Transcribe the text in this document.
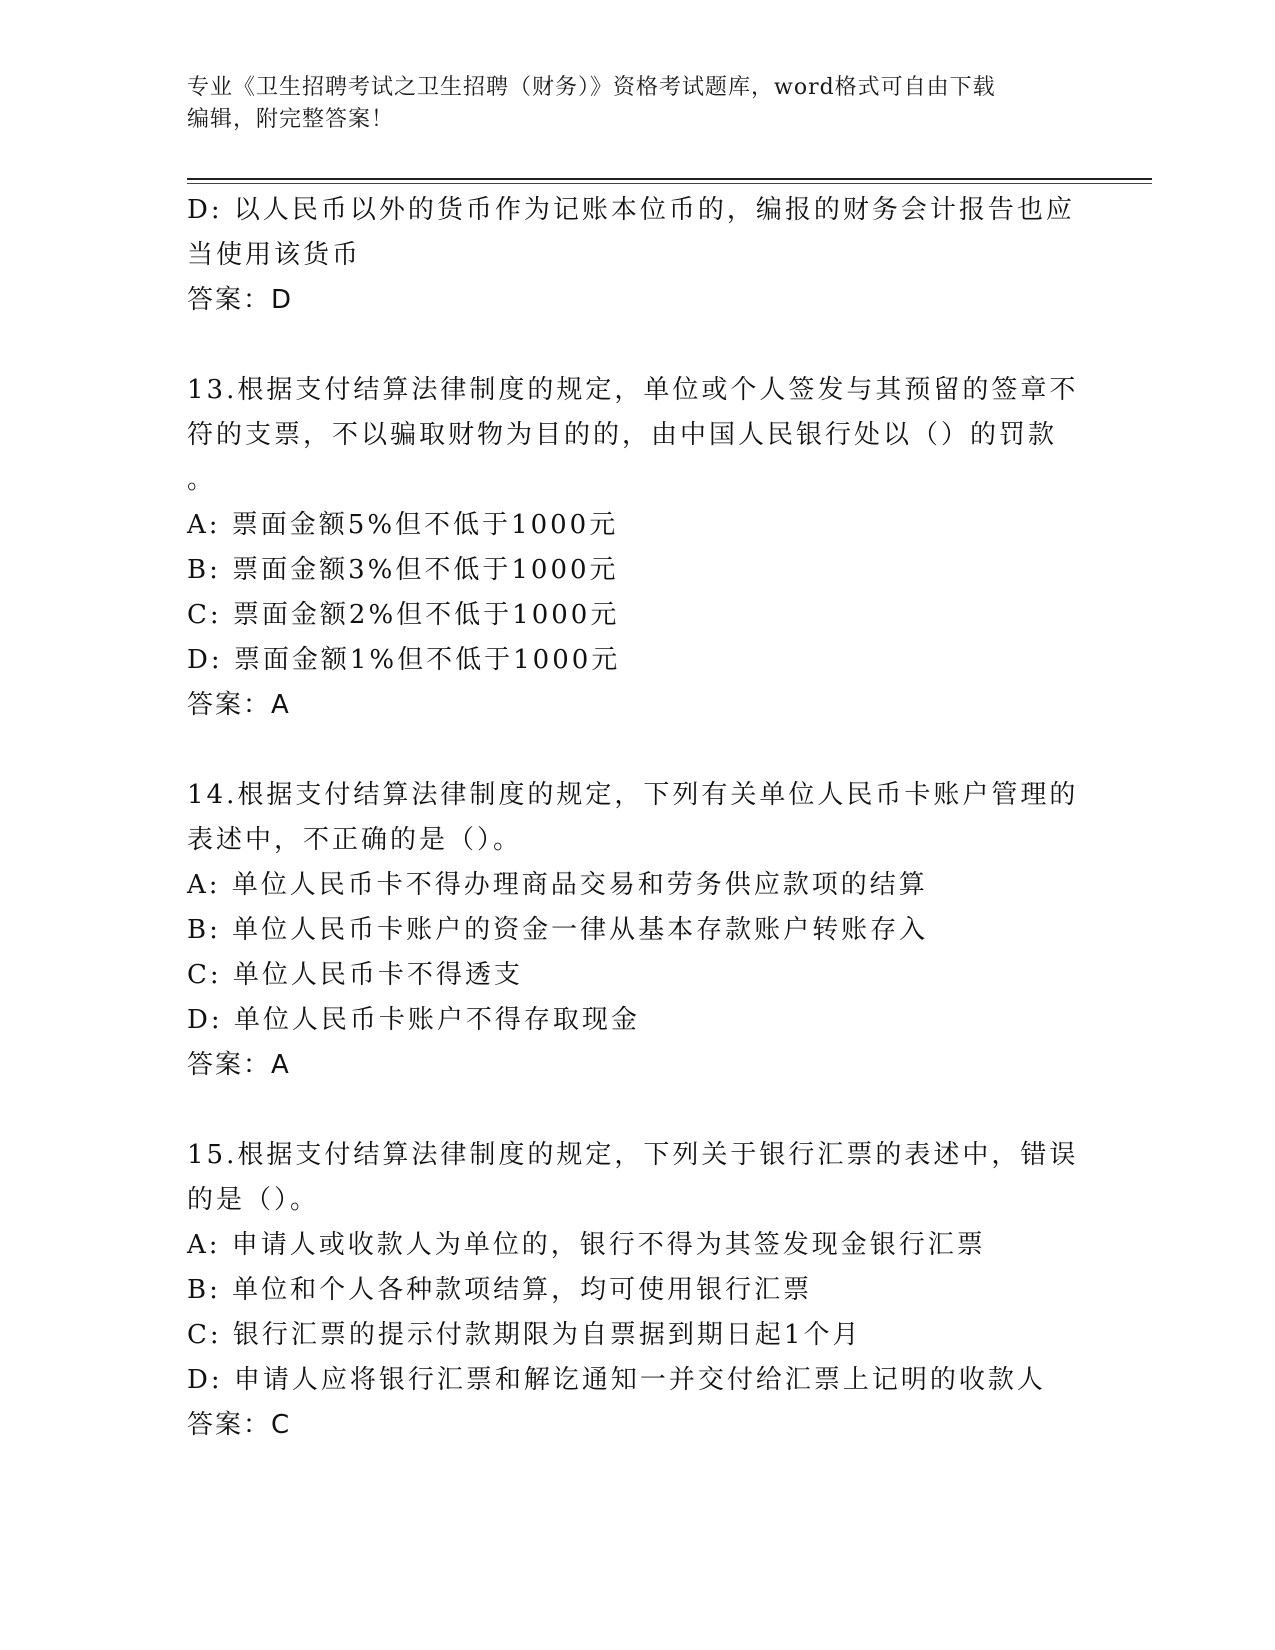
专业《卫生招聘考试之卫生招聘（财务）》资格考试题库，word格式可自由下载
编辑，附完整答案！
D: 以人民币以外的货币作为记账本位币的，编报的财务会计报告也应
当使用该货币
答案：D
13.根据支付结算法律制度的规定，单位或个人签发与其预留的签章不
符的支票，不以骗取财物为目的的，由中国人民银行处以（）的罚款
。
A: 票面金额5%但不低于1000元
B: 票面金额3%但不低于1000元
C: 票面金额2%但不低于1000元
D: 票面金额1%但不低于1000元
答案：A
14.根据支付结算法律制度的规定，下列有关单位人民币卡账户管理的
表述中，不正确的是（）。
A: 单位人民币卡不得办理商品交易和劳务供应款项的结算
B: 单位人民币卡账户的资金一律从基本存款账户转账存入
C: 单位人民币卡不得透支
D: 单位人民币卡账户不得存取现金
答案：A
15.根据支付结算法律制度的规定，下列关于银行汇票的表述中，错误
的是（）。
A: 申请人或收款人为单位的，银行不得为其签发现金银行汇票
B: 单位和个人各种款项结算，均可使用银行汇票
C: 银行汇票的提示付款期限为自票据到期日起1个月
D: 申请人应将银行汇票和解讫通知一并交付给汇票上记明的收款人
答案：C
